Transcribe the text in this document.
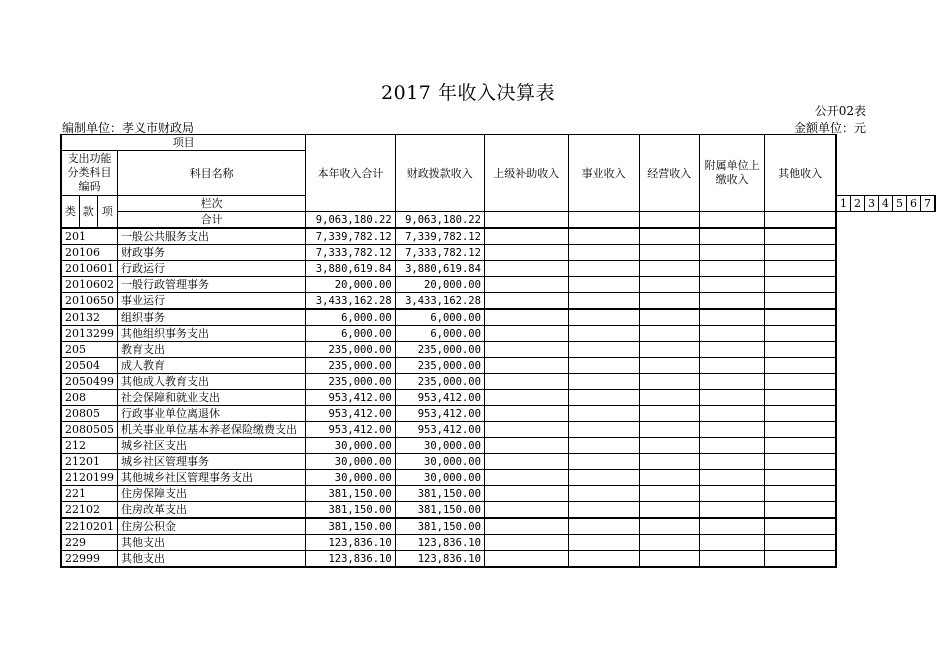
2017 年收入决算表
公开02表
编制单位：孝义市财政局	金额单位：元
项目				本年收入合计	财政拨款收入	上级补助收入	事业收入	经营收入	附属单位上缴收入	其他收入							
支出功能分类科目编码			科目名称														

类	款	项	栏次								1	2	3	4	5	6	7
			合计	9,063,180.22	9,063,180.22												
201			一般公共服务支出	7,339,782.12	7,339,782.12												
20106			财政事务	7,333,782.12	7,333,782.12												
2010601			行政运行	3,880,619.84	3,880,619.84												
2010602			一般行政管理事务	20,000.00	20,000.00												
2010650			事业运行	3,433,162.28	3,433,162.28												
20132			组织事务	6,000.00	6,000.00												
2013299			其他组织事务支出	6,000.00	6,000.00												
205			教育支出	235,000.00	235,000.00												
20504			成人教育	235,000.00	235,000.00												
2050499			其他成人教育支出	235,000.00	235,000.00												
208			社会保障和就业支出	953,412.00	953,412.00												
20805			行政事业单位离退休	953,412.00	953,412.00												
2080505			机关事业单位基本养老保险缴费支出	953,412.00	953,412.00												
212			城乡社区支出	30,000.00	30,000.00												
21201			城乡社区管理事务	30,000.00	30,000.00												
2120199			其他城乡社区管理事务支出	30,000.00	30,000.00												
221			住房保障支出	381,150.00	381,150.00												
22102			住房改革支出	381,150.00	381,150.00												
2210201			住房公积金	381,150.00	381,150.00												
229			其他支出	123,836.10	123,836.10												
22999			其他支出	123,836.10	123,836.10												
